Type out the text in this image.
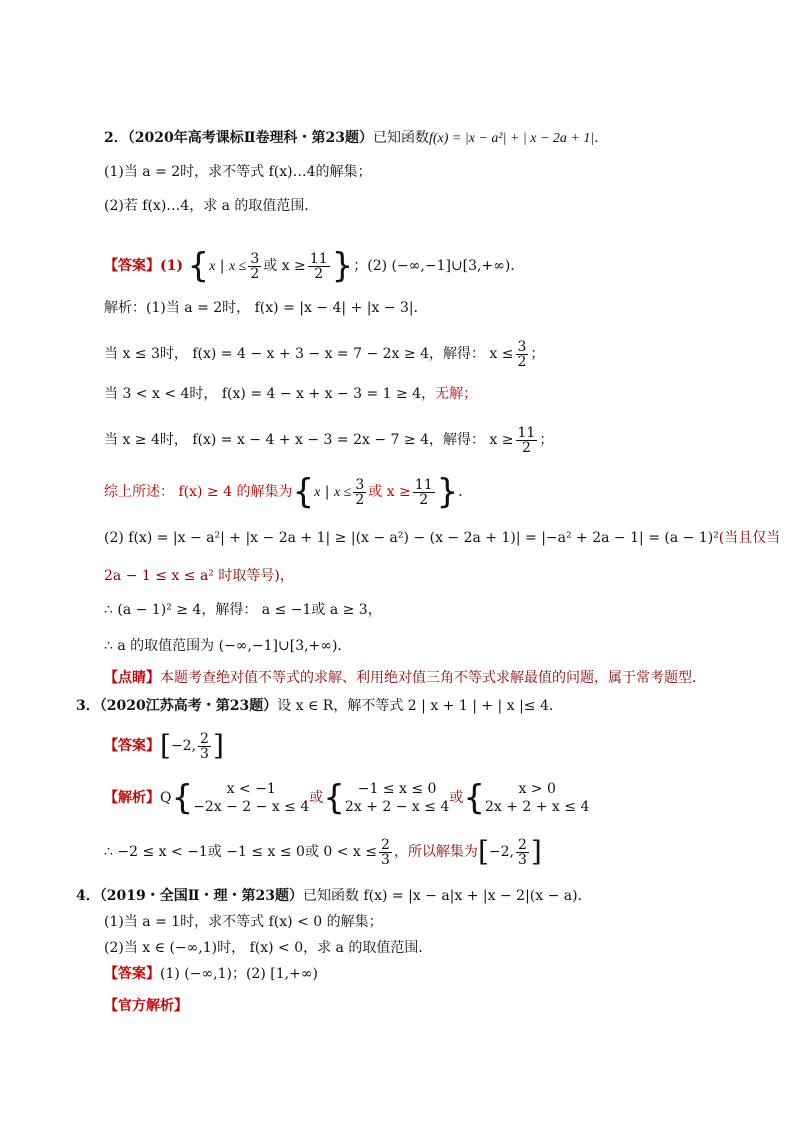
2．（2020年高考课标Ⅱ卷理科・第23题）已知函数f(x) = |x − a²| + | x − 2a + 1|．
(1)当 a = 2时，求不等式 f(x)…4的解集；
(2)若 f(x)…4，求 a 的取值范围．
【答案】(1) {x | $x \le \frac{3}{2}$ 或 $x \ge \frac{11}{2}$ }；(2) (−∞,−1]∪[3,+∞)．
解析：(1)当 a = 2时， f(x) = |x − 4| + |x − 3|．
当 x ≤ 3时， f(x) = 4 − x + 3 − x = 7 − 2x ≥ 4，解得： $x \le \frac{3}{2}$ ；
当 3 < x < 4时， f(x) = 4 − x + x − 3 = 1 ≥ 4，无解；
当 x ≥ 4时， f(x) = x − 4 + x − 3 = 2x − 7 ≥ 4，解得： $x \ge \frac{11}{2}$ ；
综上所述： f(x) ≥ 4 的解集为{x | $x \le \frac{3}{2}$ 或 $x \ge \frac{11}{2}$ }．
(2) f(x) = |x − a²| + |x − 2a + 1| ≥ |(x − a²) − (x − 2a + 1)| = |−a² + 2a − 1| = (a − 1)²(当且仅当
2a − 1 ≤ x ≤ a² 时取等号)，
∴ (a − 1)² ≥ 4，解得： a ≤ −1或 a ≥ 3，
∴ a 的取值范围为 (−∞,−1]∪[3,+∞)．
【点睛】本题考查绝对值不等式的求解、利用绝对值三角不等式求解最值的问题，属于常考题型．
3．（2020江苏高考・第23题）设 x ∈ R，解不等式 2 | x + 1 | + | x |≤ 4．
【答案】[−2, $\frac{2}{3}$ ]
【解析】Q{	x < −1
−2x − 2 − x ≤ 4
或{ −1 ≤ x ≤ 0
2x + 2 − x ≤ 4
或{	x > 0
2x + 2 + x ≤ 4
∴ −2 ≤ x < −1或 −1 ≤ x ≤ 0或 $0 < x \le \frac{2}{3}$ ，所以解集为[−2, $\frac{2}{3}$ ]
4．（2019・全国Ⅱ・理・第23题）已知函数 f(x) = |x − a|x + |x − 2|(x − a)．
(1)当 a = 1时，求不等式 f(x) < 0 的解集；
(2)当 x ∈ (−∞,1)时， f(x) < 0，求 a 的取值范围．
【答案】(1) (−∞,1)；(2) [1,+∞)
【官方解析】
